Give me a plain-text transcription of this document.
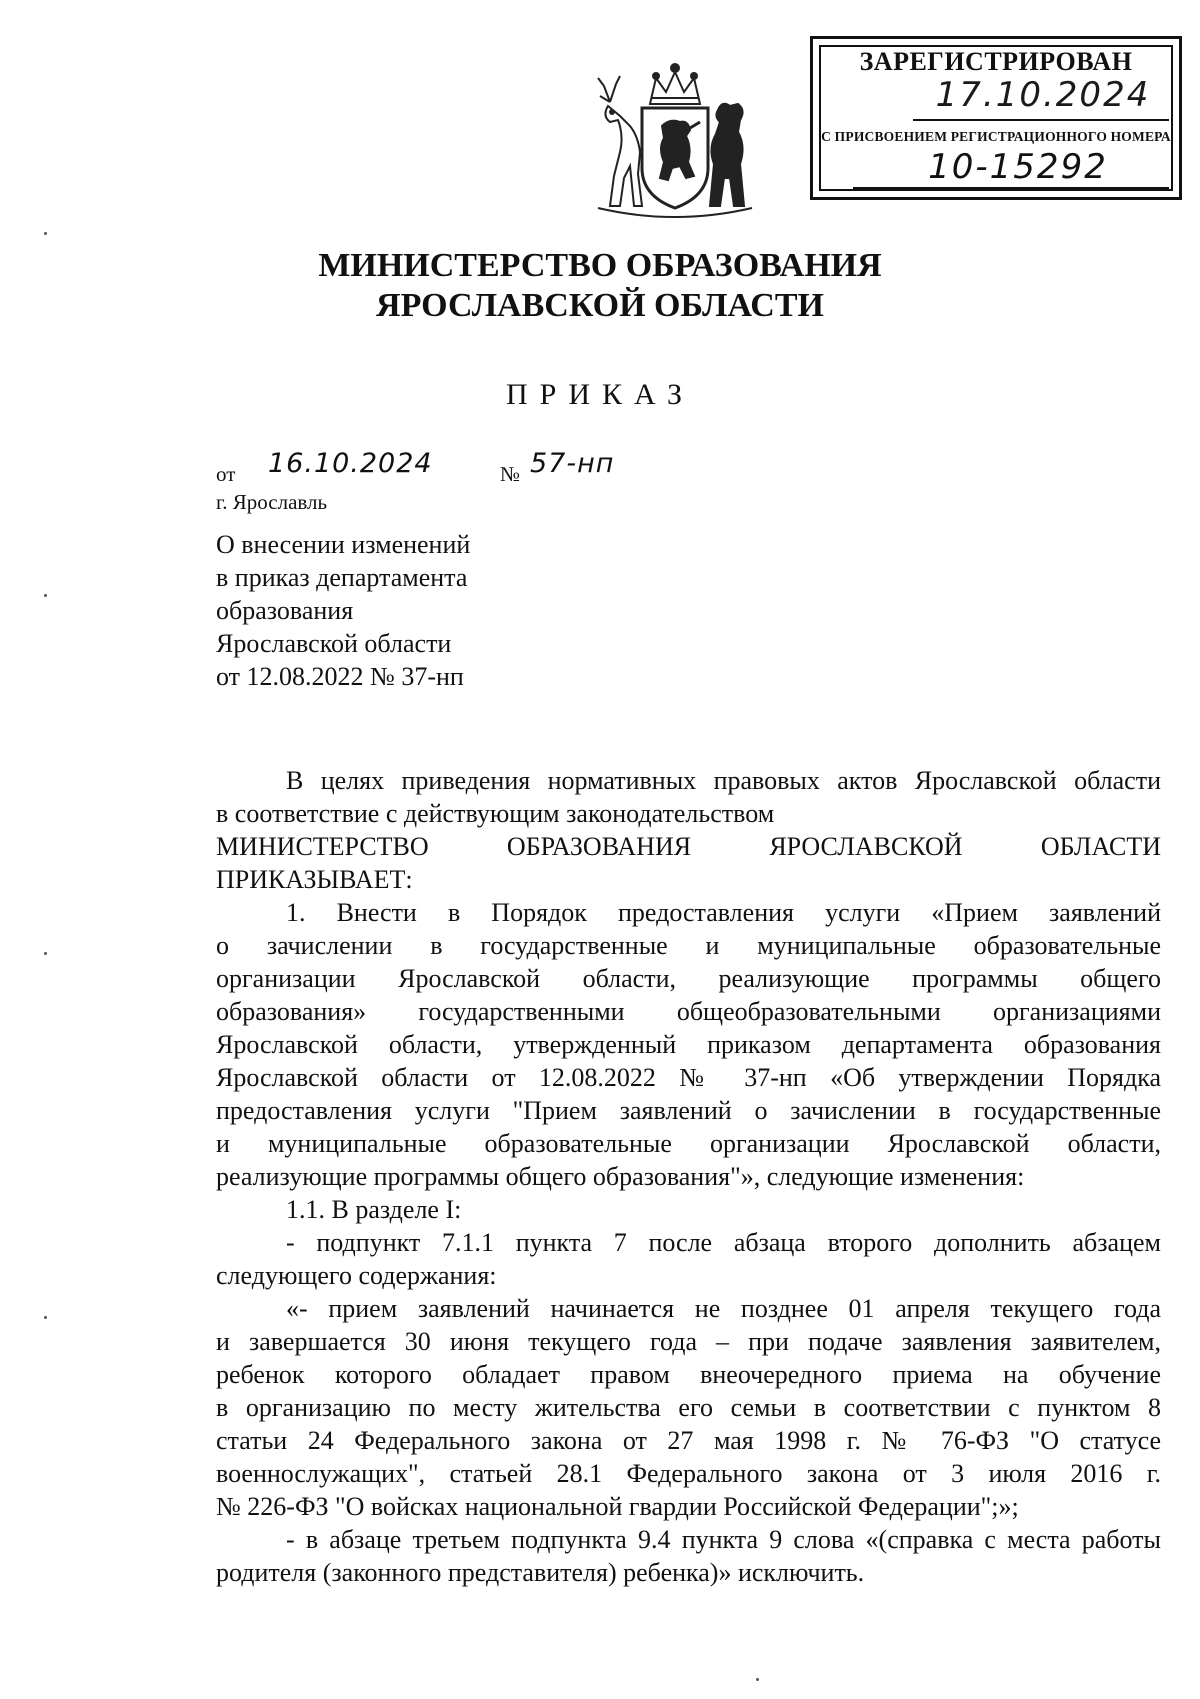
ЗАРЕГИСТРИРОВАН
17.10.2024
С ПРИСВОЕНИЕМ РЕГИСТРАЦИОННОГО НОМЕРА
10-15292
МИНИСТЕРСТВО ОБРАЗОВАНИЯ
ЯРОСЛАВСКОЙ ОБЛАСТИ
ПРИКАЗ
от 16.10.2024	№ 57-нп
г. Ярославль
О внесении изменений
в приказ департамента
образования
Ярославской области
от 12.08.2022 № 37-нп
В целях приведения нормативных правовых актов Ярославской области
в соответствие с действующим законодательством
МИНИСТЕРСТВО ОБРАЗОВАНИЯ ЯРОСЛАВСКОЙ ОБЛАСТИ
ПРИКАЗЫВАЕТ:
1. Внести в Порядок предоставления услуги «Прием заявлений
о зачислении в государственные и муниципальные образовательные
организации Ярославской области, реализующие программы общего
образования» государственными общеобразовательными организациями
Ярославской области, утвержденный приказом департамента образования
Ярославской области от 12.08.2022 № 37-нп «Об утверждении Порядка
предоставления услуги "Прием заявлений о зачислении в государственные
и муниципальные образовательные организации Ярославской области,
реализующие программы общего образования"», следующие изменения:
1.1. В разделе I:
- подпункт 7.1.1 пункта 7 после абзаца второго дополнить абзацем
следующего содержания:
«- прием заявлений начинается не позднее 01 апреля текущего года
и завершается 30 июня текущего года – при подаче заявления заявителем,
ребенок которого обладает правом внеочередного приема на обучение
в организацию по месту жительства его семьи в соответствии с пунктом 8
статьи 24 Федерального закона от 27 мая 1998 г. № 76-ФЗ "О статусе
военнослужащих", статьей 28.1 Федерального закона от 3 июля 2016 г.
№ 226-ФЗ "О войсках национальной гвардии Российской Федерации";»;
- в абзаце третьем подпункта 9.4 пункта 9 слова «(справка с места работы
родителя (законного представителя) ребенка)» исключить.
